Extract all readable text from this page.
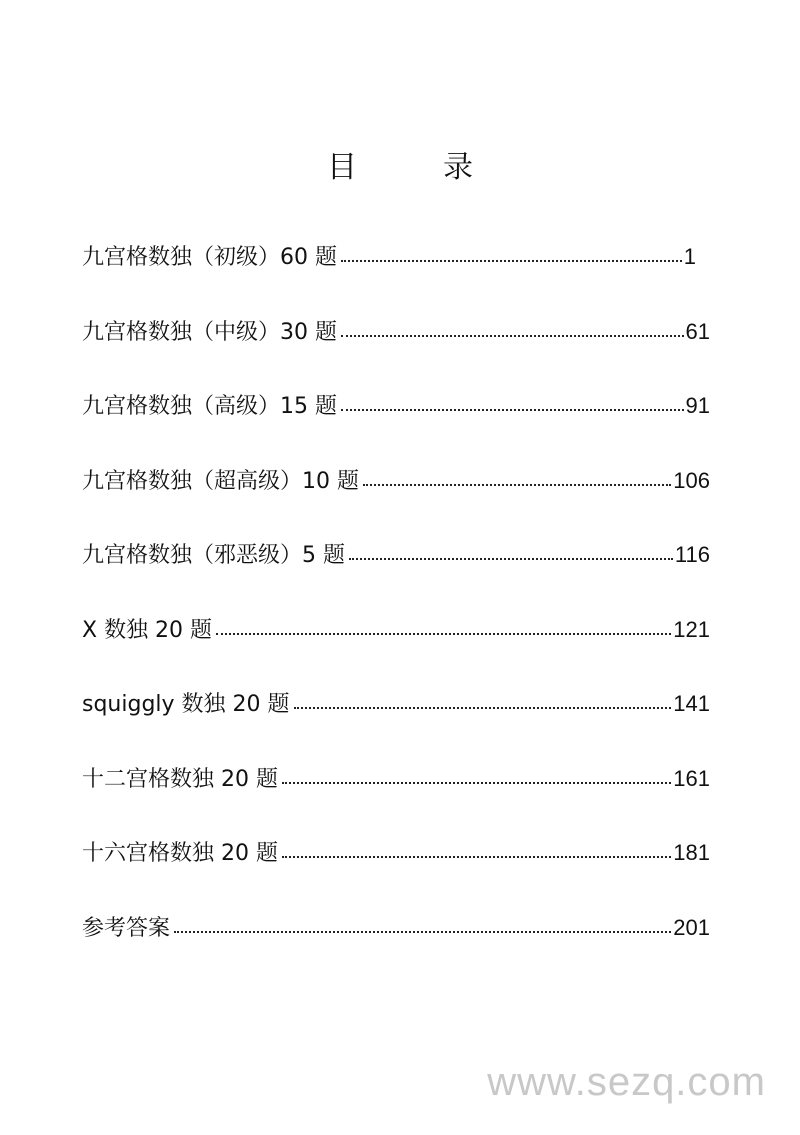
目　录
九宫格数独（初级）60 题	1
九宫格数独（中级）30 题	61
九宫格数独（高级）15 题	91
九宫格数独（超高级）10 题	106
九宫格数独（邪恶级）5 题	116
X 数独 20 题	121
squiggly 数独 20 题	141
十二宫格数独 20 题	161
十六宫格数独 20 题	181
参考答案	201
www.sezq.com
